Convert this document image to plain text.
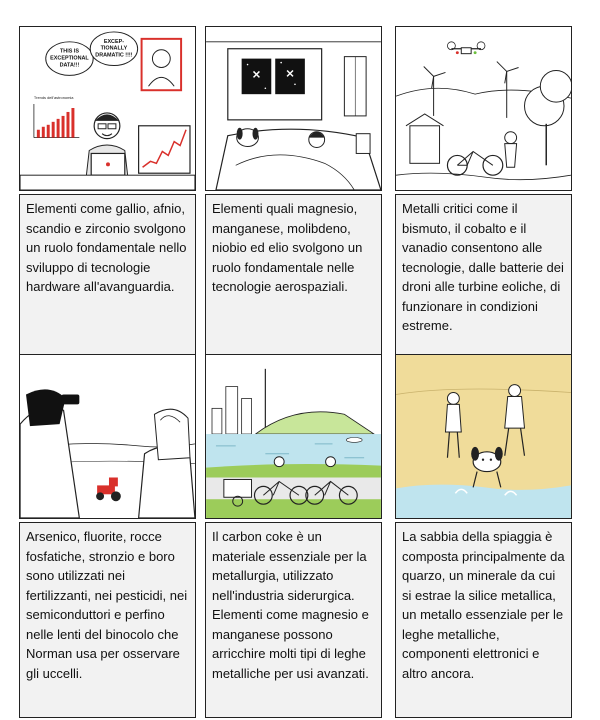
THIS IS
EXCEPTIONAL
DATA!!!
EXCEP-
TIONALLY
DRAMATIC !!!!
Trends dell'astronomia
Elementi come gallio, afnio, scandio e zirconio svolgono un ruolo fondamentale nello sviluppo di tecnologie hardware all'avanguardia.
Elementi quali magnesio, manganese, molibdeno, niobio ed elio svolgono un ruolo fondamentale nelle tecnologie aerospaziali.
Metalli critici come il bismuto, il cobalto e il vanadio consentono alle tecnologie, dalle batterie dei droni alle turbine eoliche, di funzionare in condizioni estreme.
Arsenico, fluorite, rocce fosfatiche, stronzio e boro sono utilizzati nei fertilizzanti, nei pesticidi, nei semiconduttori e perfino nelle lenti del binocolo che Norman usa per osservare gli uccelli.
Il carbon coke è un materiale essenziale per la metallurgia, utilizzato nell'industria siderurgica. Elementi come magnesio e manganese possono arricchire molti tipi di leghe metalliche per usi avanzati.
La sabbia della spiaggia è composta principalmente da quarzo, un minerale da cui si estrae la silice metallica, un metallo essenziale per le leghe metalliche, componenti elettronici e altro ancora.
